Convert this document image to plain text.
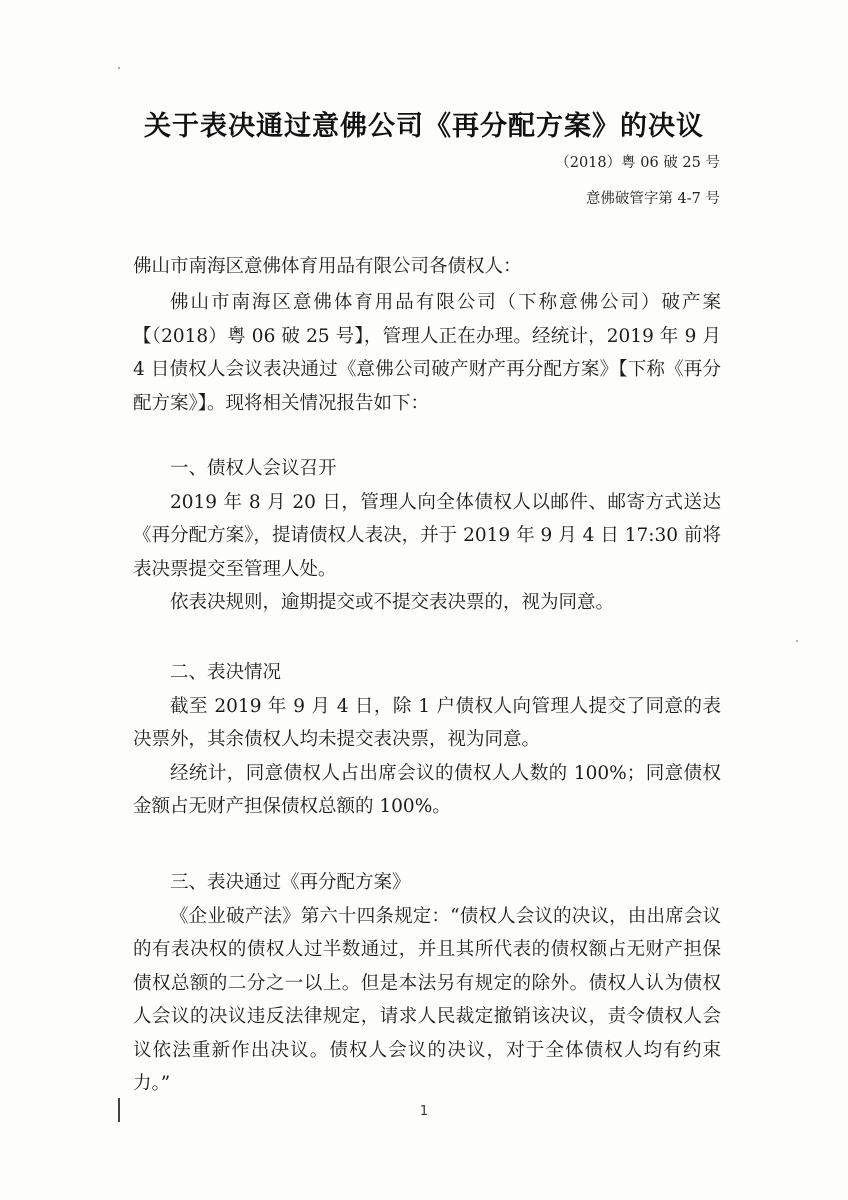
关于表决通过意佛公司《再分配方案》的决议
（2018）粤 06 破 25 号
意佛破管字第 4-7 号

佛山市南海区意佛体育用品有限公司各债权人：

佛山市南海区意佛体育用品有限公司（下称意佛公司）破产案【（2018）粤 06 破 25 号】，管理人正在办理。经统计，2019 年 9 月 4 日债权人会议表决通过《意佛公司破产财产再分配方案》【下称《再分配方案》】。现将相关情况报告如下：

一、债权人会议召开

2019 年 8 月 20 日，管理人向全体债权人以邮件、邮寄方式送达《再分配方案》，提请债权人表决，并于 2019 年 9 月 4 日 17:30 前将表决票提交至管理人处。

依表决规则，逾期提交或不提交表决票的，视为同意。

二、表决情况

截至 2019 年 9 月 4 日，除 1 户债权人向管理人提交了同意的表决票外，其余债权人均未提交表决票，视为同意。

经统计，同意债权人占出席会议的债权人人数的 100%；同意债权金额占无财产担保债权总额的 100%。

三、表决通过《再分配方案》

《企业破产法》第六十四条规定：“债权人会议的决议，由出席会议的有表决权的债权人过半数通过，并且其所代表的债权额占无财产担保债权总额的二分之一以上。但是本法另有规定的除外。债权人认为债权人会议的决议违反法律规定，请求人民裁定撤销该决议，责令债权人会议依法重新作出决议。债权人会议的决议，对于全体债权人均有约束力。”

1
